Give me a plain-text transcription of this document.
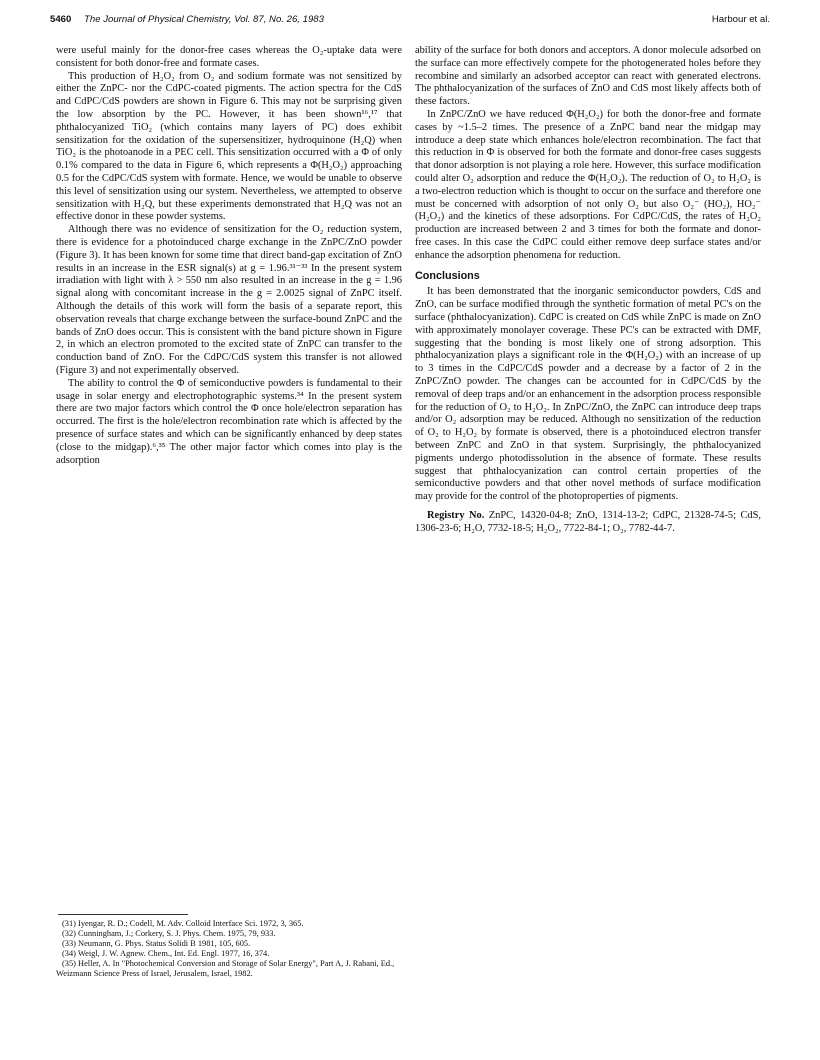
5460 The Journal of Physical Chemistry, Vol. 87, No. 26, 1983	Harbour et al.

were useful mainly for the donor-free cases whereas the O₂-uptake data were consistent for both donor-free and formate cases.

This production of H₂O₂ from O₂ and sodium formate was not sensitized by either the ZnPC- nor the CdPC-coated pigments. The action spectra for the CdS and CdPC/CdS powders are shown in Figure 6. This may not be surprising given the low absorption by the PC. However, it has been shown¹⁶,¹⁷ that phthalocyanized TiO₂ (which contains many layers of PC) does exhibit sensitization for the oxidation of the supersensitizer, hydroquinone (H₂Q) when TiO₂ is the photoanode in a PEC cell. This sensitization occurred with a Φ of only 0.1% compared to the data in Figure 6, which represents a Φ(H₂O₂) approaching 0.5 for the CdPC/CdS system with formate. Hence, we would be unable to observe this level of sensitization using our system. Nevertheless, we attempted to observe sensitization with H₂Q, but these experiments demonstrated that H₂Q was not an effective donor in these powder systems.

Although there was no evidence of sensitization for the O₂ reduction system, there is evidence for a photoinduced charge exchange in the ZnPC/ZnO powder (Figure 3). It has been known for some time that direct band-gap excitation of ZnO results in an increase in the ESR signal(s) at g = 1.96.³¹⁻³³ In the present system irradiation with light with λ > 550 nm also resulted in an increase in the g = 1.96 signal along with concomitant increase in the g = 2.0025 signal of ZnPC itself. Although the details of this work will form the basis of a separate report, this observation reveals that charge exchange between the surface-bound ZnPC and the bands of ZnO does occur. This is consistent with the band picture shown in Figure 2, in which an electron promoted to the excited state of ZnPC can transfer to the conduction band of ZnO. For the CdPC/CdS system this transfer is not allowed (Figure 3) and not experimentally observed.

The ability to control the Φ of semiconductive powders is fundamental to their usage in solar energy and electrophotographic systems.³⁴ In the present system there are two major factors which control the Φ once hole/electron separation has occurred. The first is the hole/electron recombination rate which is affected by the presence of surface states and which can be significantly enhanced by deep states (close to the midgap).⁶,³⁵ The other major factor which comes into play is the adsorption

(31) Iyengar, R. D.; Codell, M. Adv. Colloid Interface Sci. 1972, 3, 365.
(32) Cunningham, J.; Corkery, S. J. Phys. Chem. 1975, 79, 933.
(33) Neumann, G. Phys. Status Solidi B 1981, 105, 605.
(34) Weigl, J. W. Agnew. Chem., Int. Ed. Engl. 1977, 16, 374.
(35) Heller, A. In "Photochemical Conversion and Storage of Solar Energy", Part A, J. Rabani, Ed., Weizmann Science Press of Israel, Jerusalem, Israel, 1982.

ability of the surface for both donors and acceptors. A donor molecule adsorbed on the surface can more effectively compete for the photogenerated holes before they recombine and similarly an adsorbed acceptor can react with generated electrons. The phthalocyanization of the surfaces of ZnO and CdS most likely affects both of these factors.

In ZnPC/ZnO we have reduced Φ(H₂O₂) for both the donor-free and formate cases by ~1.5–2 times. The presence of a ZnPC band near the midgap may introduce a deep state which enhances hole/electron recombination. The fact that this reduction in Φ is observed for both the formate and donor-free cases suggests that donor adsorption is not playing a role here. However, this surface modification could alter O₂ adsorption and reduce the Φ(H₂O₂). The reduction of O₂ to H₂O₂ is a two-electron reduction which is thought to occur on the surface and therefore one must be concerned with adsorption of not only O₂ but also O₂⁻ (HO₂), HO₂⁻ (H₂O₂) and the kinetics of these adsorptions. For CdPC/CdS, the rates of H₂O₂ production are increased between 2 and 3 times for both the formate and donor-free cases. In this case the CdPC could either remove deep surface states and/or enhance the adsorption phenomena for reduction.

Conclusions

It has been demonstrated that the inorganic semiconductor powders, CdS and ZnO, can be surface modified through the synthetic formation of metal PC's on the surface (phthalocyanization). CdPC is created on CdS while ZnPC is made on ZnO with approximately monolayer coverage. These PC's can be extracted with DMF, suggesting that the bonding is most likely one of strong adsorption. This phthalocyanization plays a significant role in the Φ(H₂O₂) with an increase of up to 3 times in the CdPC/CdS powder and a decrease by a factor of 2 in the ZnPC/ZnO powder. The changes can be accounted for in CdPC/CdS by the removal of deep traps and/or an enhancement in the adsorption process responsible for the reduction of O₂ to H₂O₂. In ZnPC/ZnO, the ZnPC can introduce deep traps and/or O₂ adsorption may be reduced. Although no sensitization of the reduction of O₂ to H₂O₂ by formate is observed, there is a photoinduced electron transfer between ZnPC and ZnO in that system. Surprisingly, the phthalocyanized pigments undergo photodissolution in the absence of formate. These results suggest that phthalocyanization can control certain properties of the semiconductive powders and that other novel methods of surface modification may provide for the control of the photoproperties of pigments.

Registry No. ZnPC, 14320-04-8; ZnO, 1314-13-2; CdPC, 21328-74-5; CdS, 1306-23-6; H₂O, 7732-18-5; H₂O₂, 7722-84-1; O₂, 7782-44-7.
